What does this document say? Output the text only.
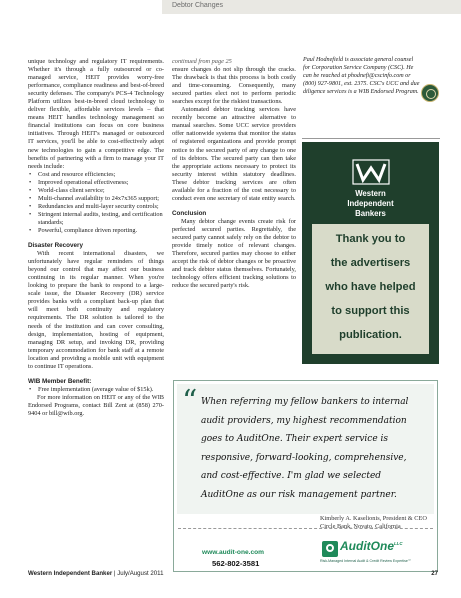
Debtor Changes

unique technology and regulatory IT requirements. Whether it's through a fully outsourced or co-managed service, HEIT provides worry-free performance, compliance readiness and best-of-breed security defenses. The company's PCS-4 Technology Platform utilizes best-in-breed cloud technology to deliver flexible, affordable services levels – that means HEIT handles technology management so financial institutions can focus on core business initiatives. Through HEIT's managed or outsourced IT services, you'll be able to cost-effectively adopt new technologies to gain a competitive edge. The benefits of partnering with a firm to manage your IT needs include:

• Cost and resource efficiencies;
• Improved operational effectiveness;
• World-class client service;
• Multi-channel availability to 24x7x365 support;
• Redundancies and multi-layer security controls;
• Stringent internal audits, testing, and certification standards;
• Powerful, compliance driven reporting.

Disaster Recovery

With recent international disasters, we unfortunately have regular reminders of things beyond our control that may affect our business continuing in its regular manner. When you're looking to prepare the bank to respond to a large-scale issue, the Disaster Recovery (DR) service provides banks with a compliant back-up plan that will meet both continuity and regulatory requirements. The DR solution is tailored to the needs of the institution and can cover consulting, design, implementation, hosting of equipment, managing DR setup, and invoking DR, providing temporary accommodation for bank staff at a remote location and providing a mobile unit with equipment to continue IT operations.

WIB Member Benefit:

• Free implementation (average value of $15k).

For more information on HEIT or any of the WIB Endorsed Programs, contact Bill Zent at (858) 270-9404 or bill@wib.org.

continued from page 25

ensure changes do not slip through the cracks. The drawback is that this process is both costly and time-consuming. Consequently, many secured parties elect not to perform periodic searches except for the riskiest transactions.

Automated debtor tracking services have recently become an attractive alternative to manual searches. Some UCC service providers offer nationwide systems that monitor the status of registered organizations and provide prompt notice to the secured party of any change to one of its debtors. The secured party can then take the appropriate actions necessary to protect its security interest within statutory deadlines. These debtor tracking services are often available for a fraction of the cost necessary to conduct even one secretary of state entity search.

Conclusion

Many debtor change events create risk for perfected secured parties. Regrettably, the secured party cannot safely rely on the debtor to provide timely notice of relevant changes. Therefore, secured parties may choose to either accept the risk of debtor changes or be proactive and track debtor status themselves. Fortunately, technology offers efficient tracking solutions to reduce the secured party's risk.

Paul Hodnefield is associate general counsel for Corporation Service Company (CSC). He can be reached at phodnefi@cscinfo.com or (800) 927-9801, ext. 2375. CSC's UCC and due diligence services is a WIB Endorsed Program.
Western
Independent
Bankers
Thank you to
the advertisers
who have helped
to support this
publication.
“ When referring my fellow bankers to internal audit providers, my highest recommendation goes to AuditOne. Their expert service is responsive, forward-looking, comprehensive, and cost-effective. I'm glad we selected AuditOne as our risk management partner.
Kimberly A. Kaselionis, President & CEO
Circle Bank, Novato, California
www.audit-one.com
562-802-3581
AuditOne$^{LLC}$
Risk-Managed Internal Audit & Credit Review Expertise℠
Western Independent Banker | July/August 2011	27
